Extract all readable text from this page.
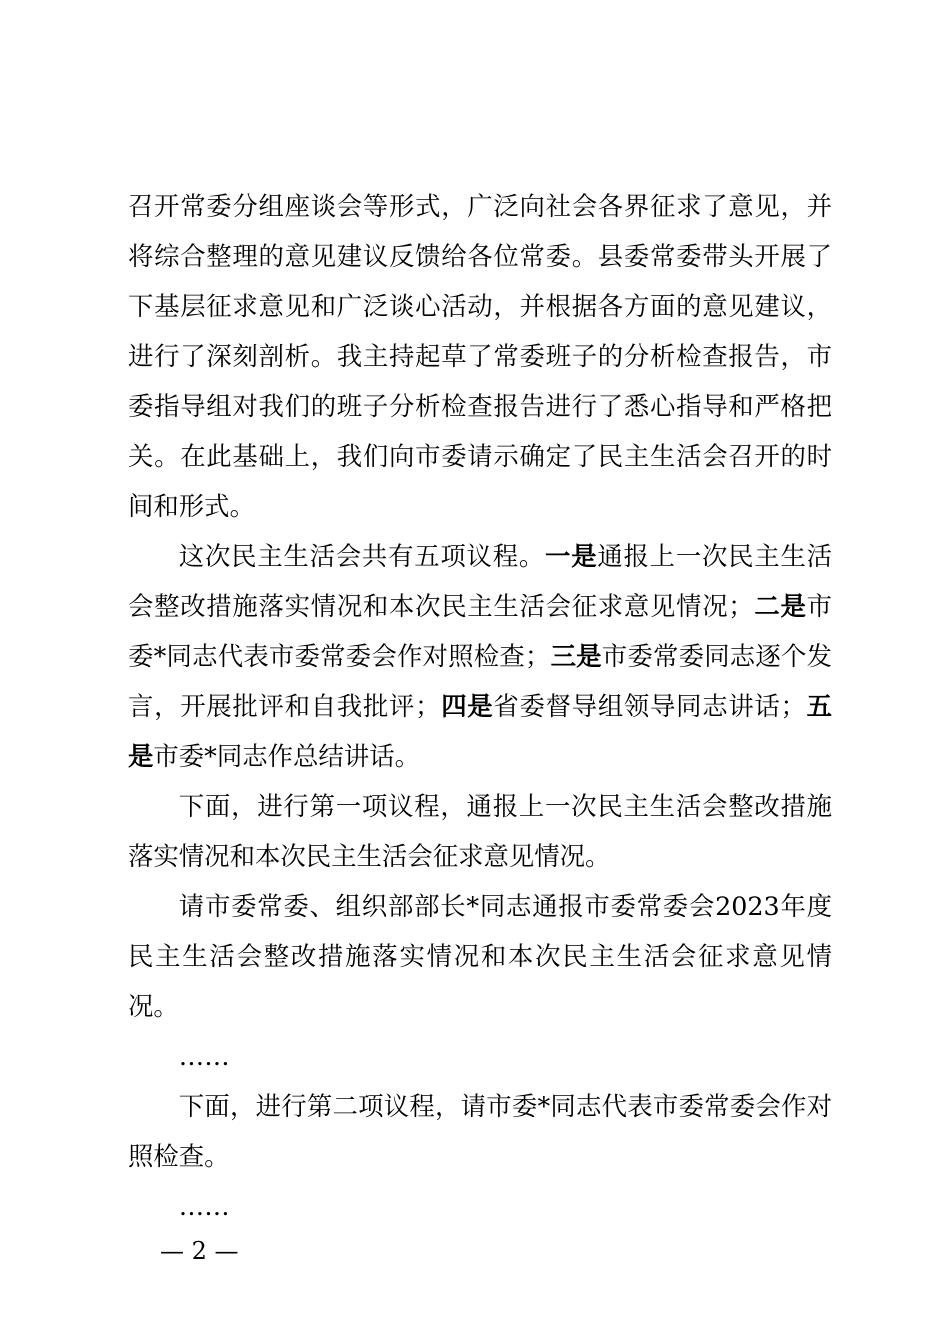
召开常委分组座谈会等形式，广泛向社会各界征求了意见，并将综合整理的意见建议反馈给各位常委。县委常委带头开展了下基层征求意见和广泛谈心活动，并根据各方面的意见建议，进行了深刻剖析。我主持起草了常委班子的分析检查报告，市委指导组对我们的班子分析检查报告进行了悉心指导和严格把关。在此基础上，我们向市委请示确定了民主生活会召开的时间和形式。

这次民主生活会共有五项议程。一是通报上一次民主生活会整改措施落实情况和本次民主生活会征求意见情况；二是市委*同志代表市委常委会作对照检查；三是市委常委同志逐个发言，开展批评和自我批评；四是省委督导组领导同志讲话；五是市委*同志作总结讲话。

下面，进行第一项议程，通报上一次民主生活会整改措施落实情况和本次民主生活会征求意见情况。

请市委常委、组织部部长*同志通报市委常委会2023年度民主生活会整改措施落实情况和本次民主生活会征求意见情况。

……

下面，进行第二项议程，请市委*同志代表市委常委会作对照检查。

……

— 2 —
